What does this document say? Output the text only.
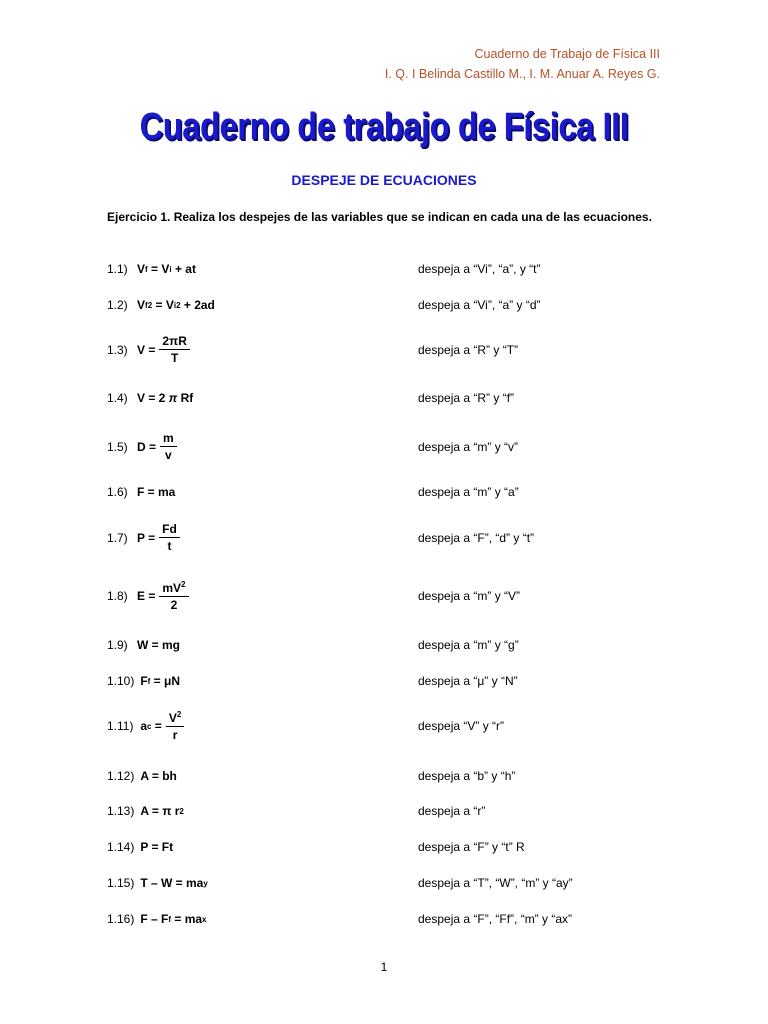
Cuaderno de Trabajo de Física III
I. Q. I Belinda Castillo M., I. M. Anuar A. Reyes G.
Cuaderno de trabajo de Física III
DESPEJE DE ECUACIONES
Ejercicio 1. Realiza los despejes de las variables que se indican en cada una de las ecuaciones.
1.1) V f = V i + at	despeja a “Vi”, “a”, y “t”
1.2) V f 2 = V i 2 + 2ad	despeja a “Vi”, “a” y “d”
1.3) $V = \frac{2\pi R}{T}$	despeja a “R” y “T”
1.4) V = 2 π Rf	despeja a “R” y “f”
1.5) $D = \frac{m}{v}$	despeja a “m” y “v”
1.6) F = ma	despeja a “m” y “a”
1.7) $P = \frac{Fd}{t}$	despeja a “F”, “d” y “t”
1.8) $E = \frac{mV^2}{2}$	despeja a “m” y “V”
1.9) W = mg	despeja a “m” y “g”
1.10) F f = μN	despeja a “μ” y “N”
1.11) a $c = \frac{V^2}{r}$	despeja “V” y “r”
1.12) A = bh	despeja a “b” y “h”
1.13) A = π r 2	despeja a “r”
1.14) P = Ft	despeja a “F” y “t” R
1.15) T – W = ma y	despeja a “T”, “W”, “m” y “ay”
1.16) F – F f = ma x	despeja a “F”, “Ff”, “m” y “ax”
1
